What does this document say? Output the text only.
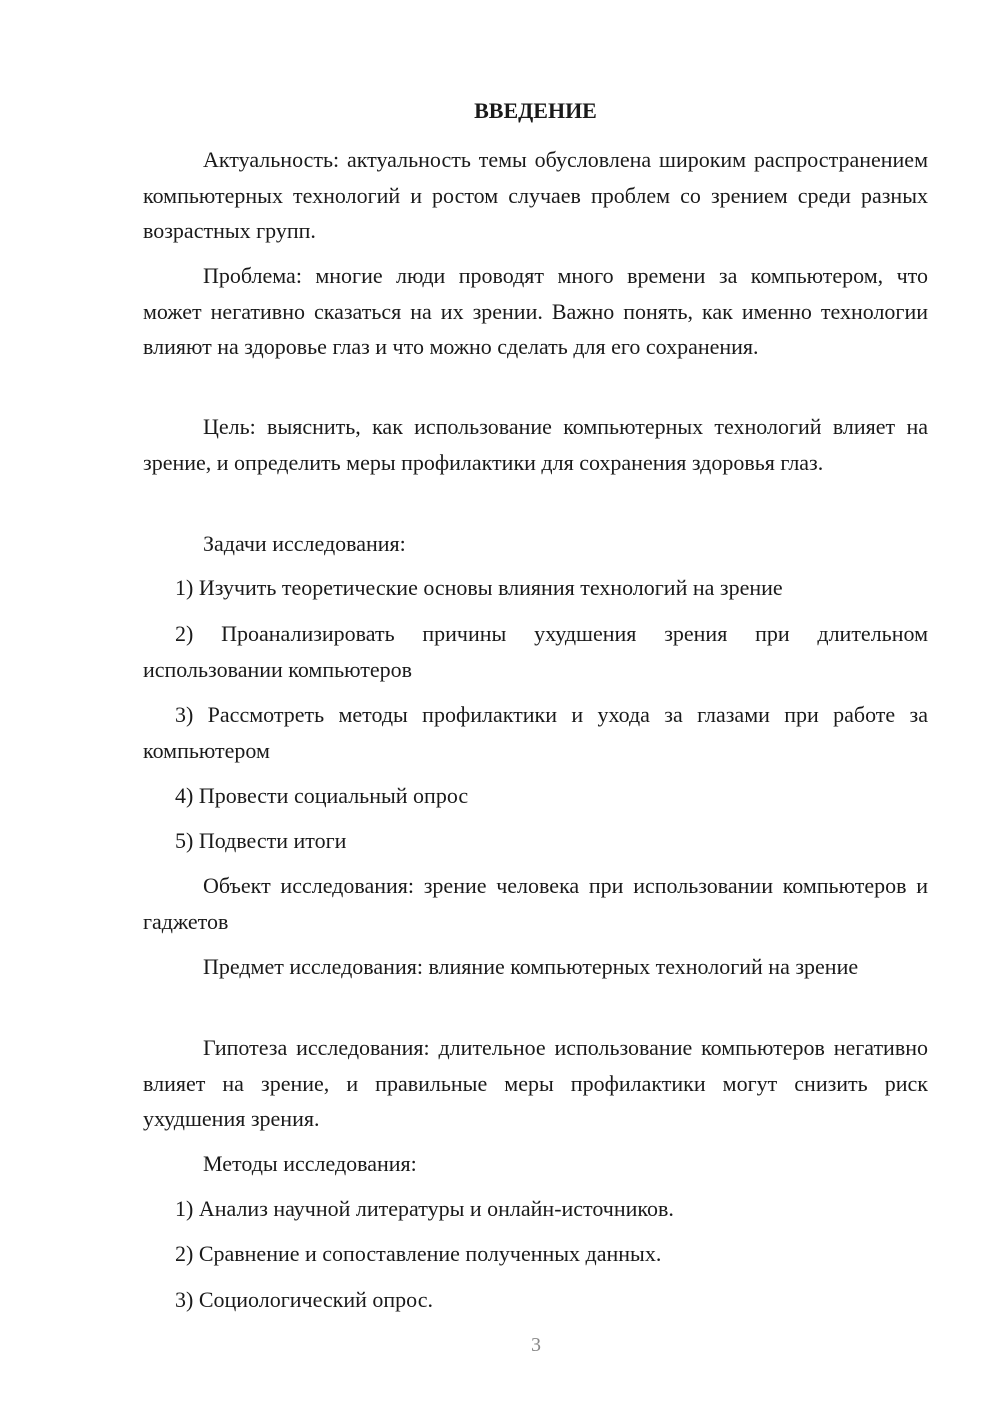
ВВЕДЕНИЕ

Актуальность: актуальность темы обусловлена широким распространением компьютерных технологий и ростом случаев проблем со зрением среди разных возрастных групп.

Проблема: многие люди проводят много времени за компьютером, что может негативно сказаться на их зрении. Важно понять, как именно технологии влияют на здоровье глаз и что можно сделать для его сохранения.

Цель: выяснить, как использование компьютерных технологий влияет на зрение, и определить меры профилактики для сохранения здоровья глаз.

Задачи исследования:

1) Изучить теоретические основы влияния технологий на зрение

2) Проанализировать причины ухудшения зрения при длительном использовании компьютеров

3) Рассмотреть методы профилактики и ухода за глазами при работе за компьютером

4) Провести социальный опрос

5) Подвести итоги

Объект исследования: зрение человека при использовании компьютеров и гаджетов

Предмет исследования: влияние компьютерных технологий на зрение

Гипотеза исследования: длительное использование компьютеров негативно влияет на зрение, и правильные меры профилактики могут снизить риск ухудшения зрения.

Методы исследования:

1) Анализ научной литературы и онлайн-источников.

2) Сравнение и сопоставление полученных данных.

3) Социологический опрос.

3
